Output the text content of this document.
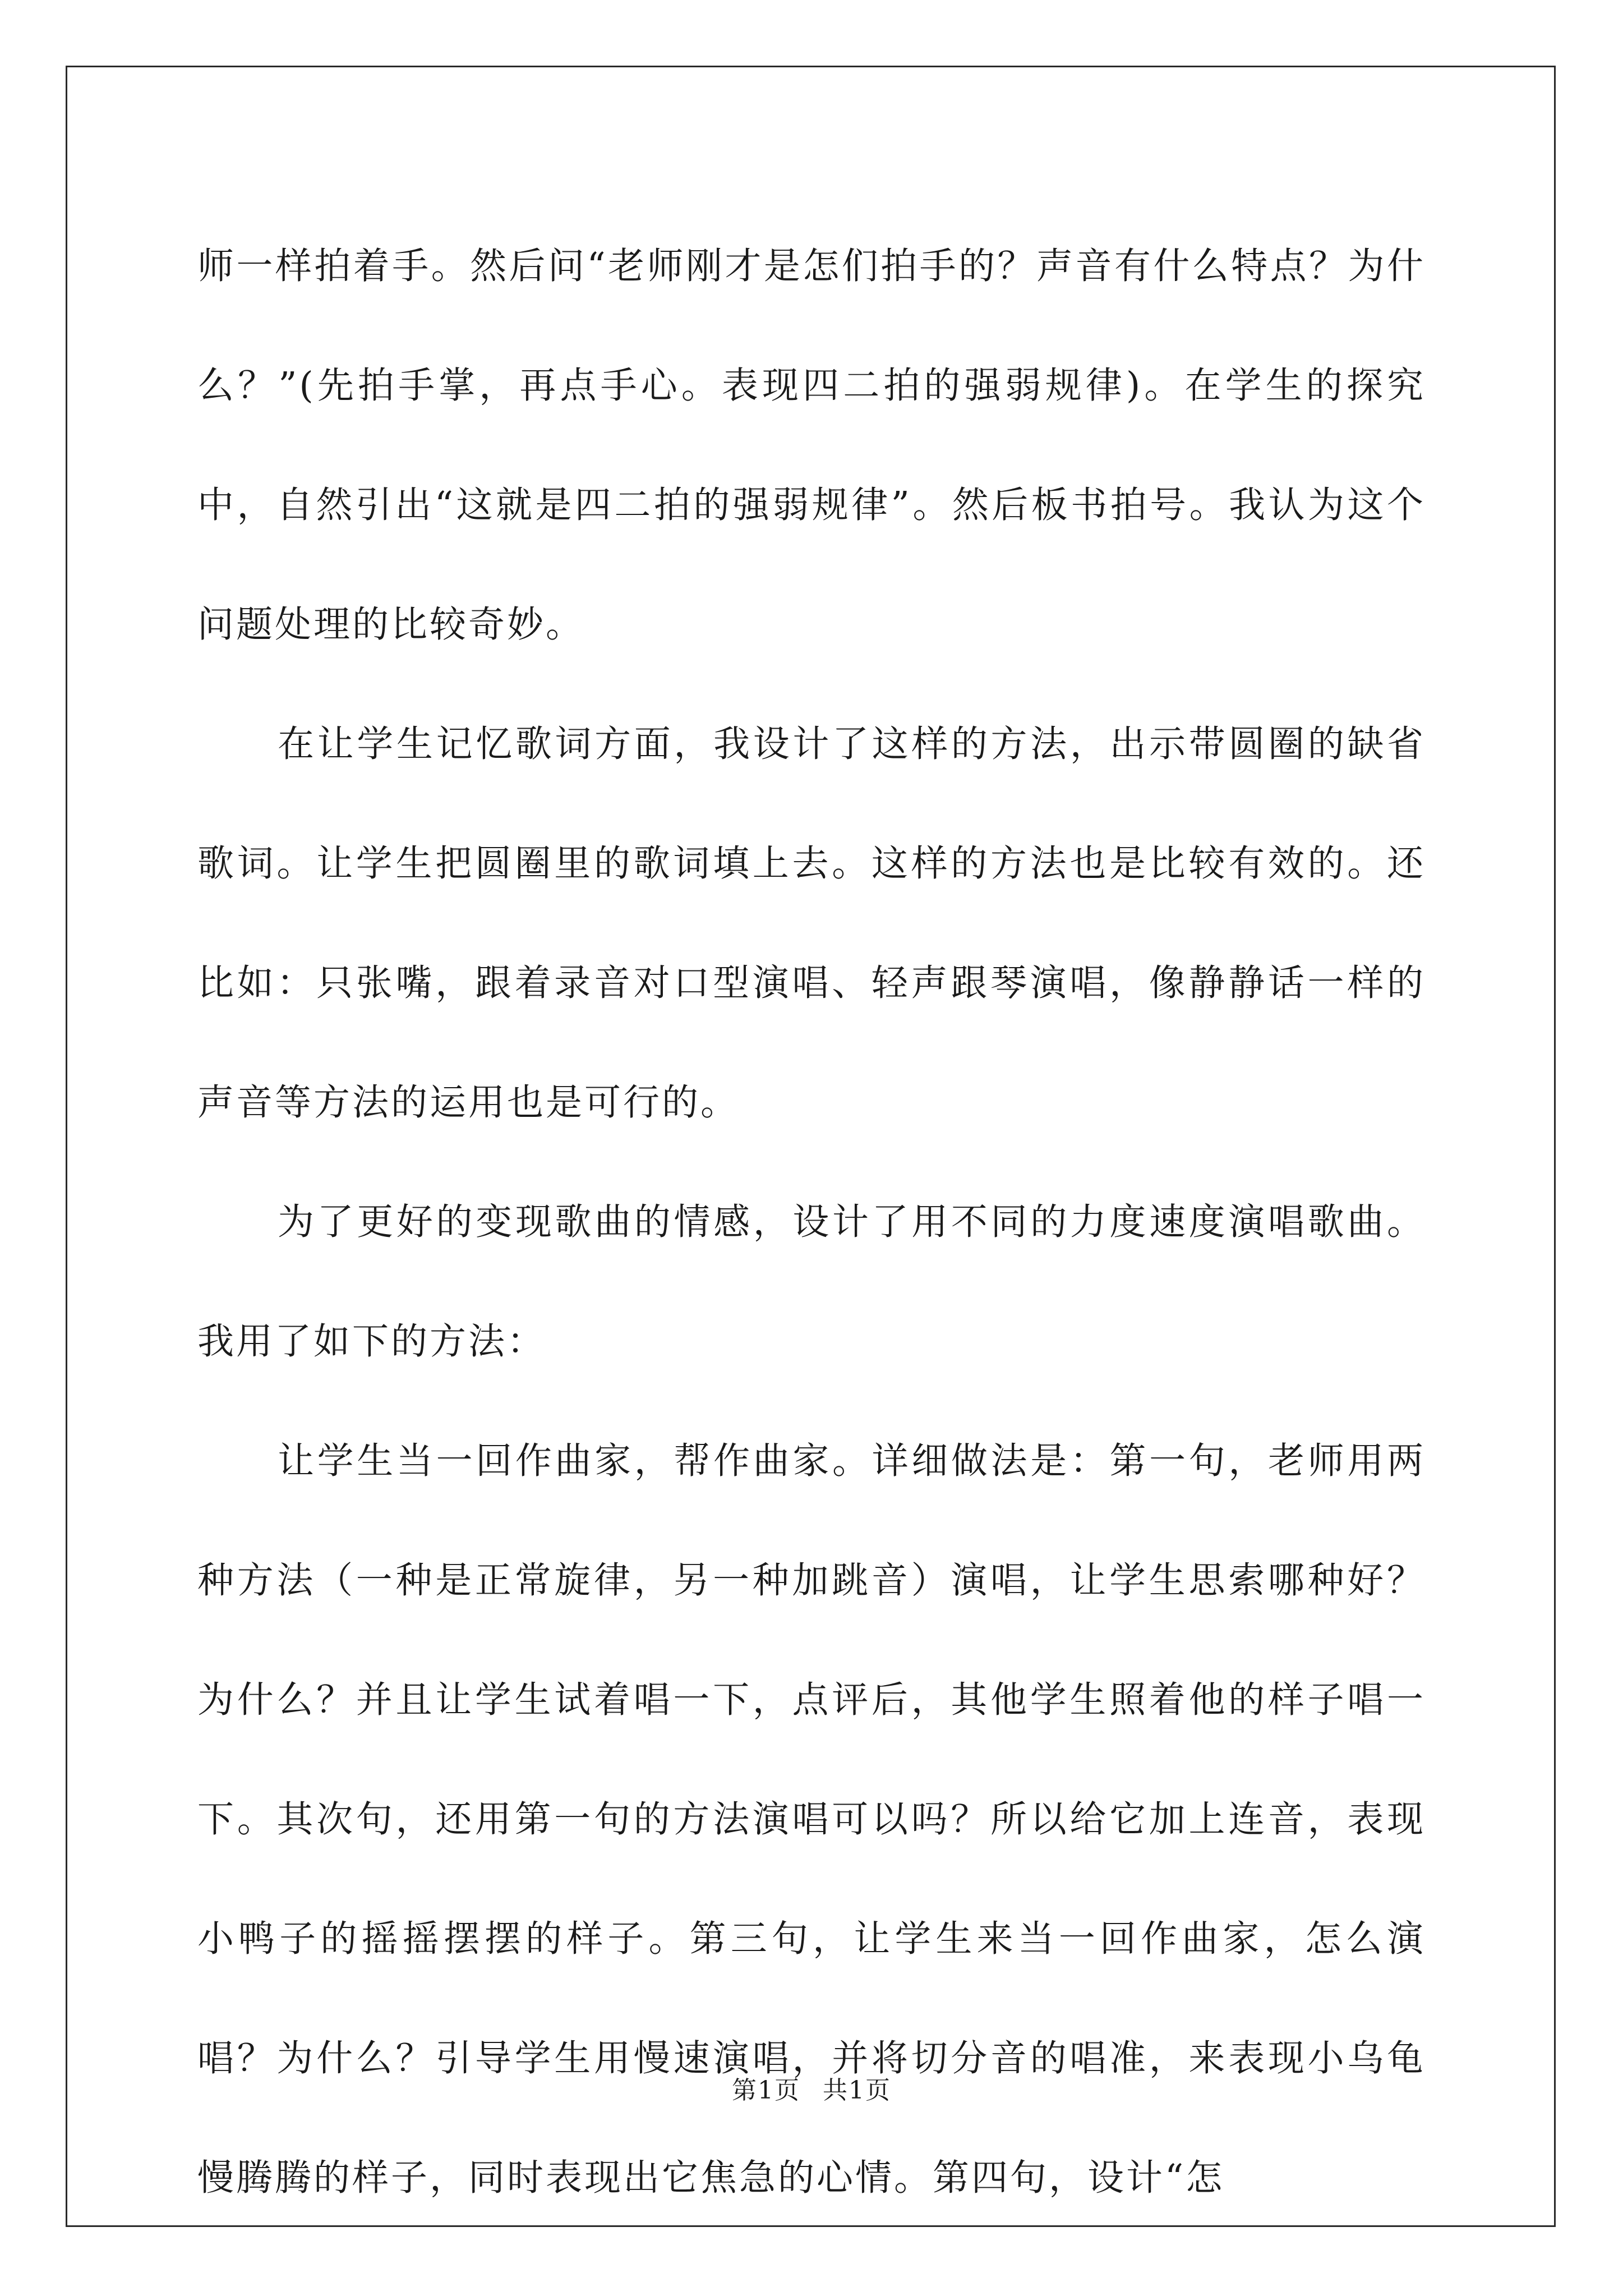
师一样拍着手。然后问“老师刚才是怎们拍手的？声音有什么特点？为什么？”(先拍手掌，再点手心。表现四二拍的强弱规律)。在学生的探究中，自然引出“这就是四二拍的强弱规律”。然后板书拍号。我认为这个问题处理的比较奇妙。

在让学生记忆歌词方面，我设计了这样的方法，出示带圆圈的缺省歌词。让学生把圆圈里的歌词填上去。这样的方法也是比较有效的。还比如：只张嘴，跟着录音对口型演唱、轻声跟琴演唱，像静静话一样的声音等方法的运用也是可行的。

为了更好的变现歌曲的情感，设计了用不同的力度速度演唱歌曲。我用了如下的方法：

让学生当一回作曲家，帮作曲家。详细做法是：第一句，老师用两种方法（一种是正常旋律，另一种加跳音）演唱，让学生思索哪种好？为什么？并且让学生试着唱一下，点评后，其他学生照着他的样子唱一下。其次句，还用第一句的方法演唱可以吗？所以给它加上连音，表现小鸭子的摇摇摆摆的样子。第三句，让学生来当一回作曲家，怎么演唱？为什么？引导学生用慢速演唱，并将切分音的唱准，来表现小乌龟慢腾腾的样子，同时表现出它焦急的心情。第四句，设计“怎

第1页 共1页
